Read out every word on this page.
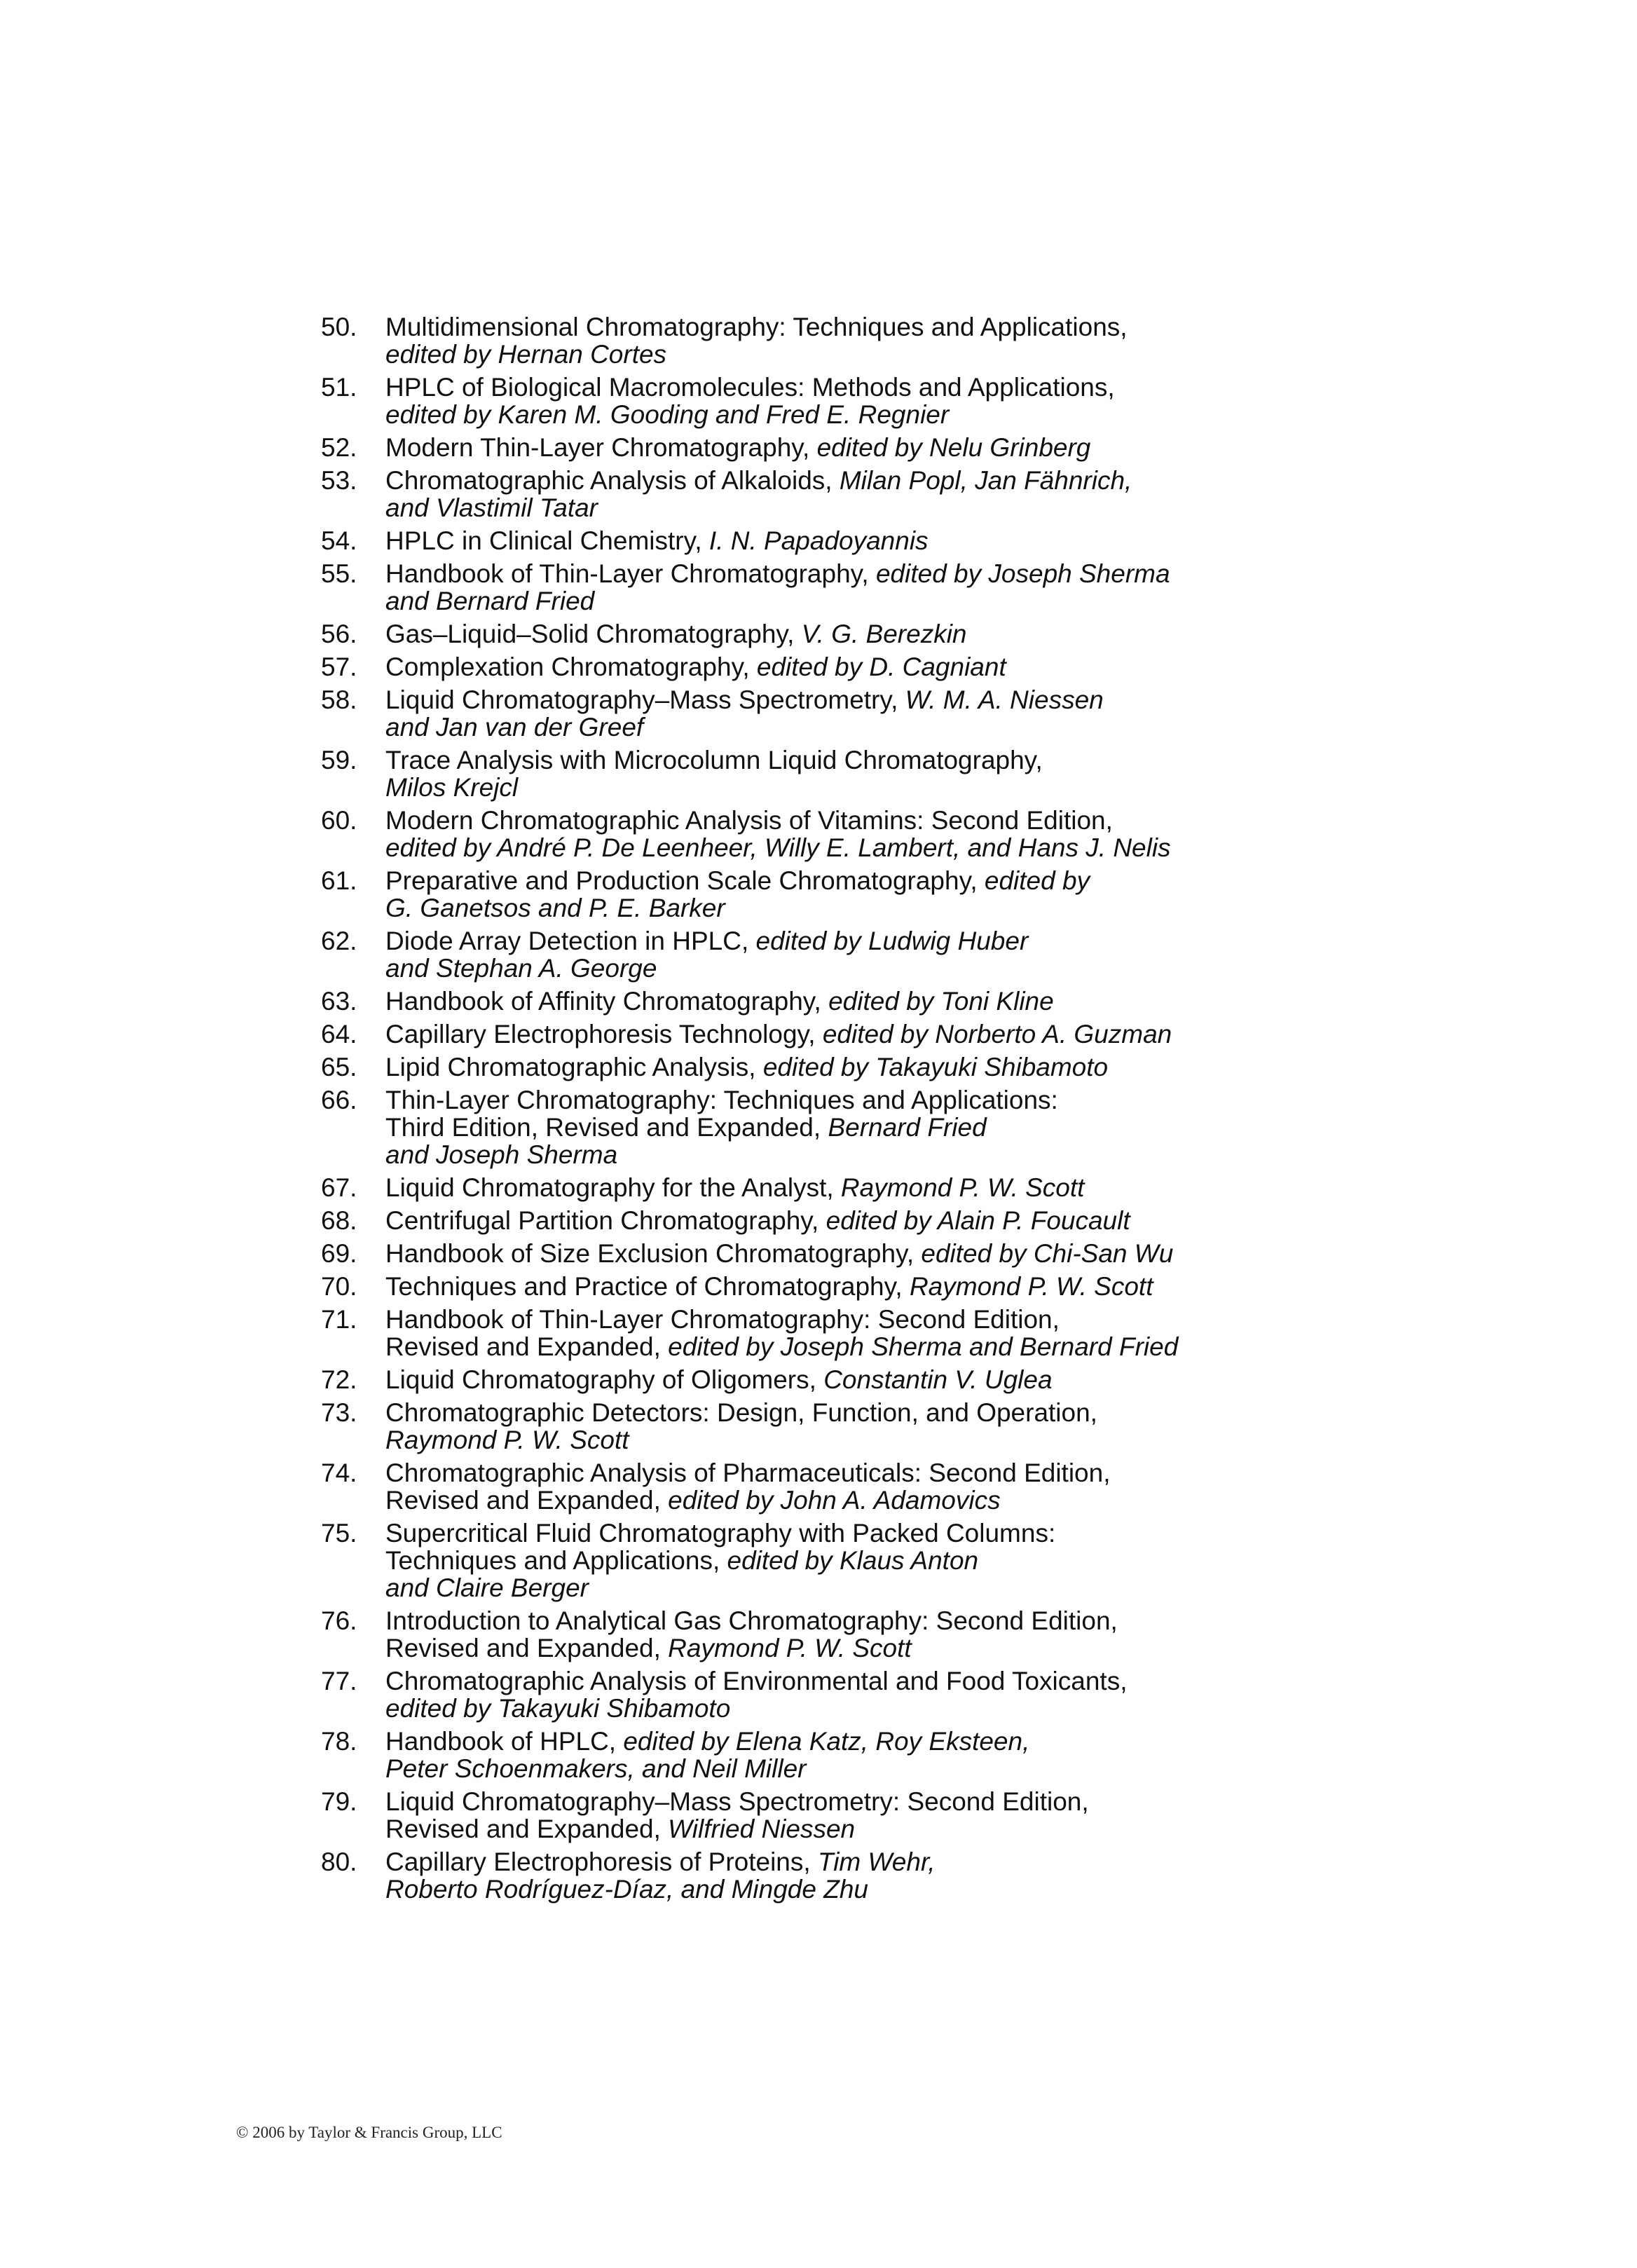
50.	Multidimensional Chromatography: Techniques and Applications,
edited by Hernan Cortes
51.	HPLC of Biological Macromolecules: Methods and Applications,
edited by Karen M. Gooding and Fred E. Regnier
52.	Modern Thin-Layer Chromatography, edited by Nelu Grinberg
53.	Chromatographic Analysis of Alkaloids, Milan Popl, Jan Fähnrich,
and Vlastimil Tatar
54.	HPLC in Clinical Chemistry, I. N. Papadoyannis
55.	Handbook of Thin-Layer Chromatography, edited by Joseph Sherma
and Bernard Fried
56.	Gas–Liquid–Solid Chromatography, V. G. Berezkin
57.	Complexation Chromatography, edited by D. Cagniant
58.	Liquid Chromatography–Mass Spectrometry, W. M. A. Niessen
and Jan van der Greef
59.	Trace Analysis with Microcolumn Liquid Chromatography,
Milos Krejcl
60.	Modern Chromatographic Analysis of Vitamins: Second Edition,
edited by André P. De Leenheer, Willy E. Lambert, and Hans J. Nelis
61.	Preparative and Production Scale Chromatography, edited by
G. Ganetsos and P. E. Barker
62.	Diode Array Detection in HPLC, edited by Ludwig Huber
and Stephan A. George
63.	Handbook of Affinity Chromatography, edited by Toni Kline
64.	Capillary Electrophoresis Technology, edited by Norberto A. Guzman
65.	Lipid Chromatographic Analysis, edited by Takayuki Shibamoto
66.	Thin-Layer Chromatography: Techniques and Applications:
Third Edition, Revised and Expanded, Bernard Fried
and Joseph Sherma
67.	Liquid Chromatography for the Analyst, Raymond P. W. Scott
68.	Centrifugal Partition Chromatography, edited by Alain P. Foucault
69.	Handbook of Size Exclusion Chromatography, edited by Chi-San Wu
70.	Techniques and Practice of Chromatography, Raymond P. W. Scott
71.	Handbook of Thin-Layer Chromatography: Second Edition,
Revised and Expanded, edited by Joseph Sherma and Bernard Fried
72.	Liquid Chromatography of Oligomers, Constantin V. Uglea
73.	Chromatographic Detectors: Design, Function, and Operation,
Raymond P. W. Scott
74.	Chromatographic Analysis of Pharmaceuticals: Second Edition,
Revised and Expanded, edited by John A. Adamovics
75.	Supercritical Fluid Chromatography with Packed Columns:
Techniques and Applications, edited by Klaus Anton
and Claire Berger
76.	Introduction to Analytical Gas Chromatography: Second Edition,
Revised and Expanded, Raymond P. W. Scott
77.	Chromatographic Analysis of Environmental and Food Toxicants,
edited by Takayuki Shibamoto
78.	Handbook of HPLC, edited by Elena Katz, Roy Eksteen,
Peter Schoenmakers, and Neil Miller
79.	Liquid Chromatography–Mass Spectrometry: Second Edition,
Revised and Expanded, Wilfried Niessen
80.	Capillary Electrophoresis of Proteins, Tim Wehr,
Roberto Rodríguez-Díaz, and Mingde Zhu
© 2006 by Taylor & Francis Group, LLC
